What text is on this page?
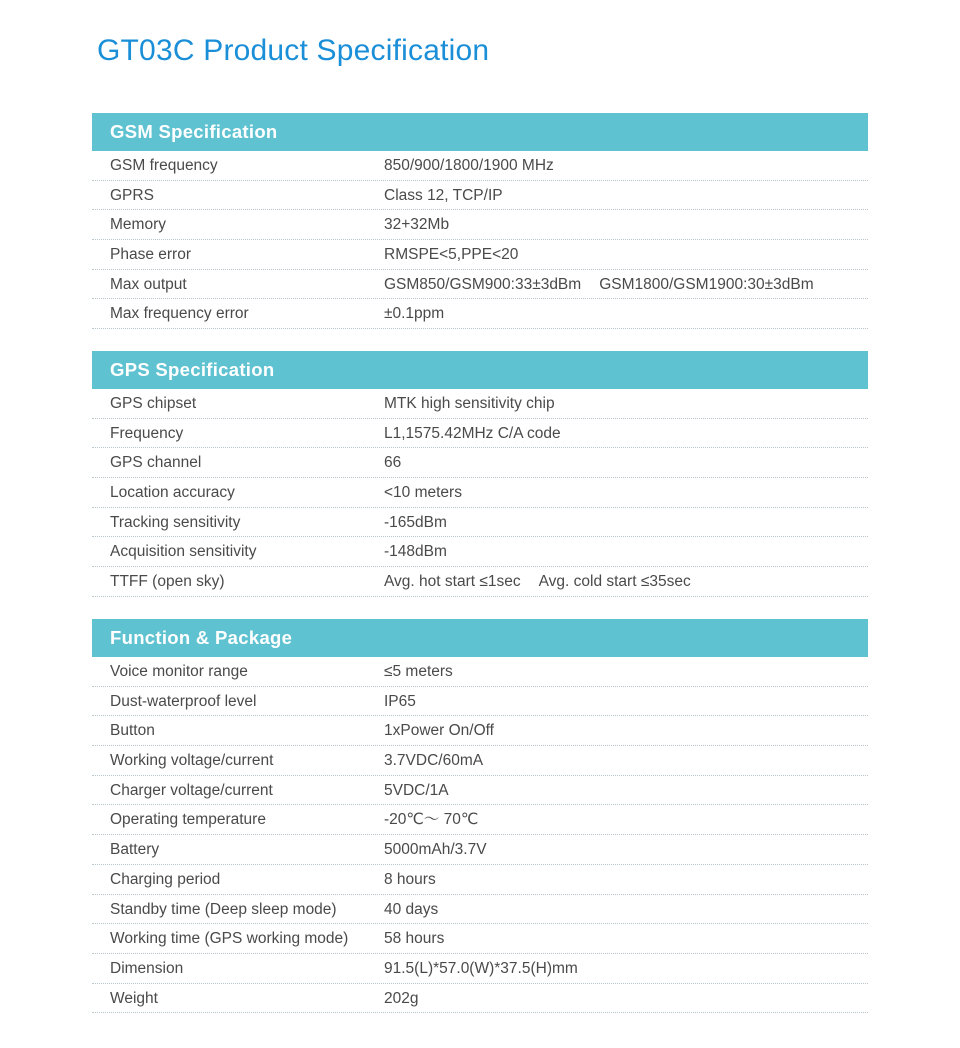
GT03C Product Specification
GSM Specification
GSM frequency	850/900/1800/1900 MHz
GPRS	Class 12, TCP/IP
Memory	32+32Mb
Phase error	RMSPE<5,PPE<20
Max output	GSM850/GSM900:33±3dBm GSM1800/GSM1900:30±3dBm
Max frequency error	±0.1ppm
GPS Specification
GPS chipset	MTK high sensitivity chip
Frequency	L1,1575.42MHz C/A code
GPS channel	66
Location accuracy	<10 meters
Tracking sensitivity	-165dBm
Acquisition sensitivity	-148dBm
TTFF (open sky)	Avg. hot start ≤1sec Avg. cold start ≤35sec
Function & Package
Voice monitor range	≤5 meters
Dust-waterproof level	IP65
Button	1xPower On/Off
Working voltage/current	3.7VDC/60mA
Charger voltage/current	5VDC/1A
Operating temperature	-20℃～ 70℃
Battery	5000mAh/3.7V
Charging period	8 hours
Standby time (Deep sleep mode)	40 days
Working time (GPS working mode) 58 hours
Dimension	91.5(L)*57.0(W)*37.5(H)mm
Weight	202g
